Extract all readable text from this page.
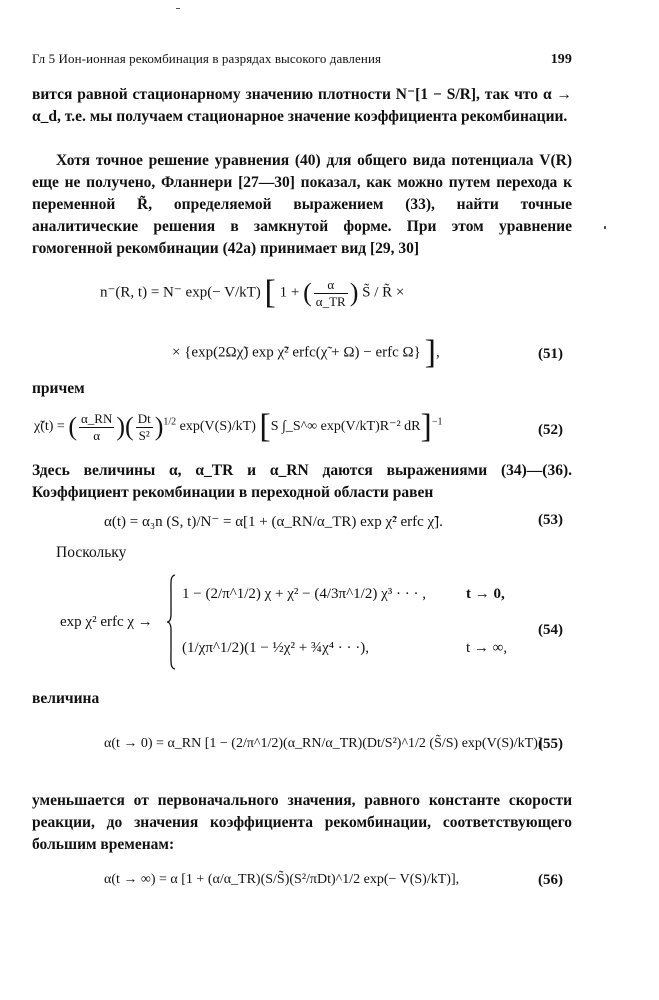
Гл 5 Ион-ионная рекомбинация в разрядах высокого давления	199

вится равной стационарному значению плотности N⁻[1 − S/R], так что α → α_d, т.е. мы получаем стационарное значение коэффициента рекомбинации.

Хотя точное решение уравнения (40) для общего вида потенциала V(R) еще не получено, Фланнери [27—30] показал, как можно путем перехода к переменной R̃, определяемой выражением (33), найти точные аналитические решения в замкнутой форме. При этом уравнение гомогенной рекомбинации (42а) принимает вид [29, 30]

n⁻(R, t) = N⁻ exp(− V/kT) [ 1 + ( $\frac{\alpha}{\alpha\_TR}$ ) S̃ / R̃ ×
× {exp(2Ωχ̃) exp χ̃² erfc(χ̃ + Ω) − erfc Ω} ],	(51)

причем

χ̃(t) = ( $\frac{\alpha\_RN}{\alpha}$ )( $\frac{Dt}{\text{S²}} )^{1/2}$ exp(V(S)/kT) [S ∫_S^∞ exp(V/kT)R⁻² dR]$^{-1}$	(52)

Здесь величины α, α_TR и α_RN даются выражениями (34)—(36). Коэффициент рекомбинации в переходной области равен

α(t) = α₃n (S, t)/N⁻ = α[1 + (α_RN/α_TR) exp χ̃² erfc χ̃].	(53)

Поскольку

exp χ² erfc χ →
1 − (2/π^1/2) χ + χ² − (4/3π^1/2) χ³ · · · ,	t → 0,
(1/χπ^1/2)(1 − ½χ² + ¾χ⁴ · · ·),	t → ∞,
(54)

величина

α(t → 0) = α_RN [1 − (2/π^1/2)(α_RN/α_TR)(Dt/S²)^1/2 (S̃/S) exp(V(S)/kT)]
(55)

уменьшается от первоначального значения, равного константе скорости реакции, до значения коэффициента рекомбинации, соответствующего большим временам:

α(t → ∞) = α [1 + (α/α_TR)(S/S̃)(S²/πDt)^1/2 exp(− V(S)/kT)],	(56)
